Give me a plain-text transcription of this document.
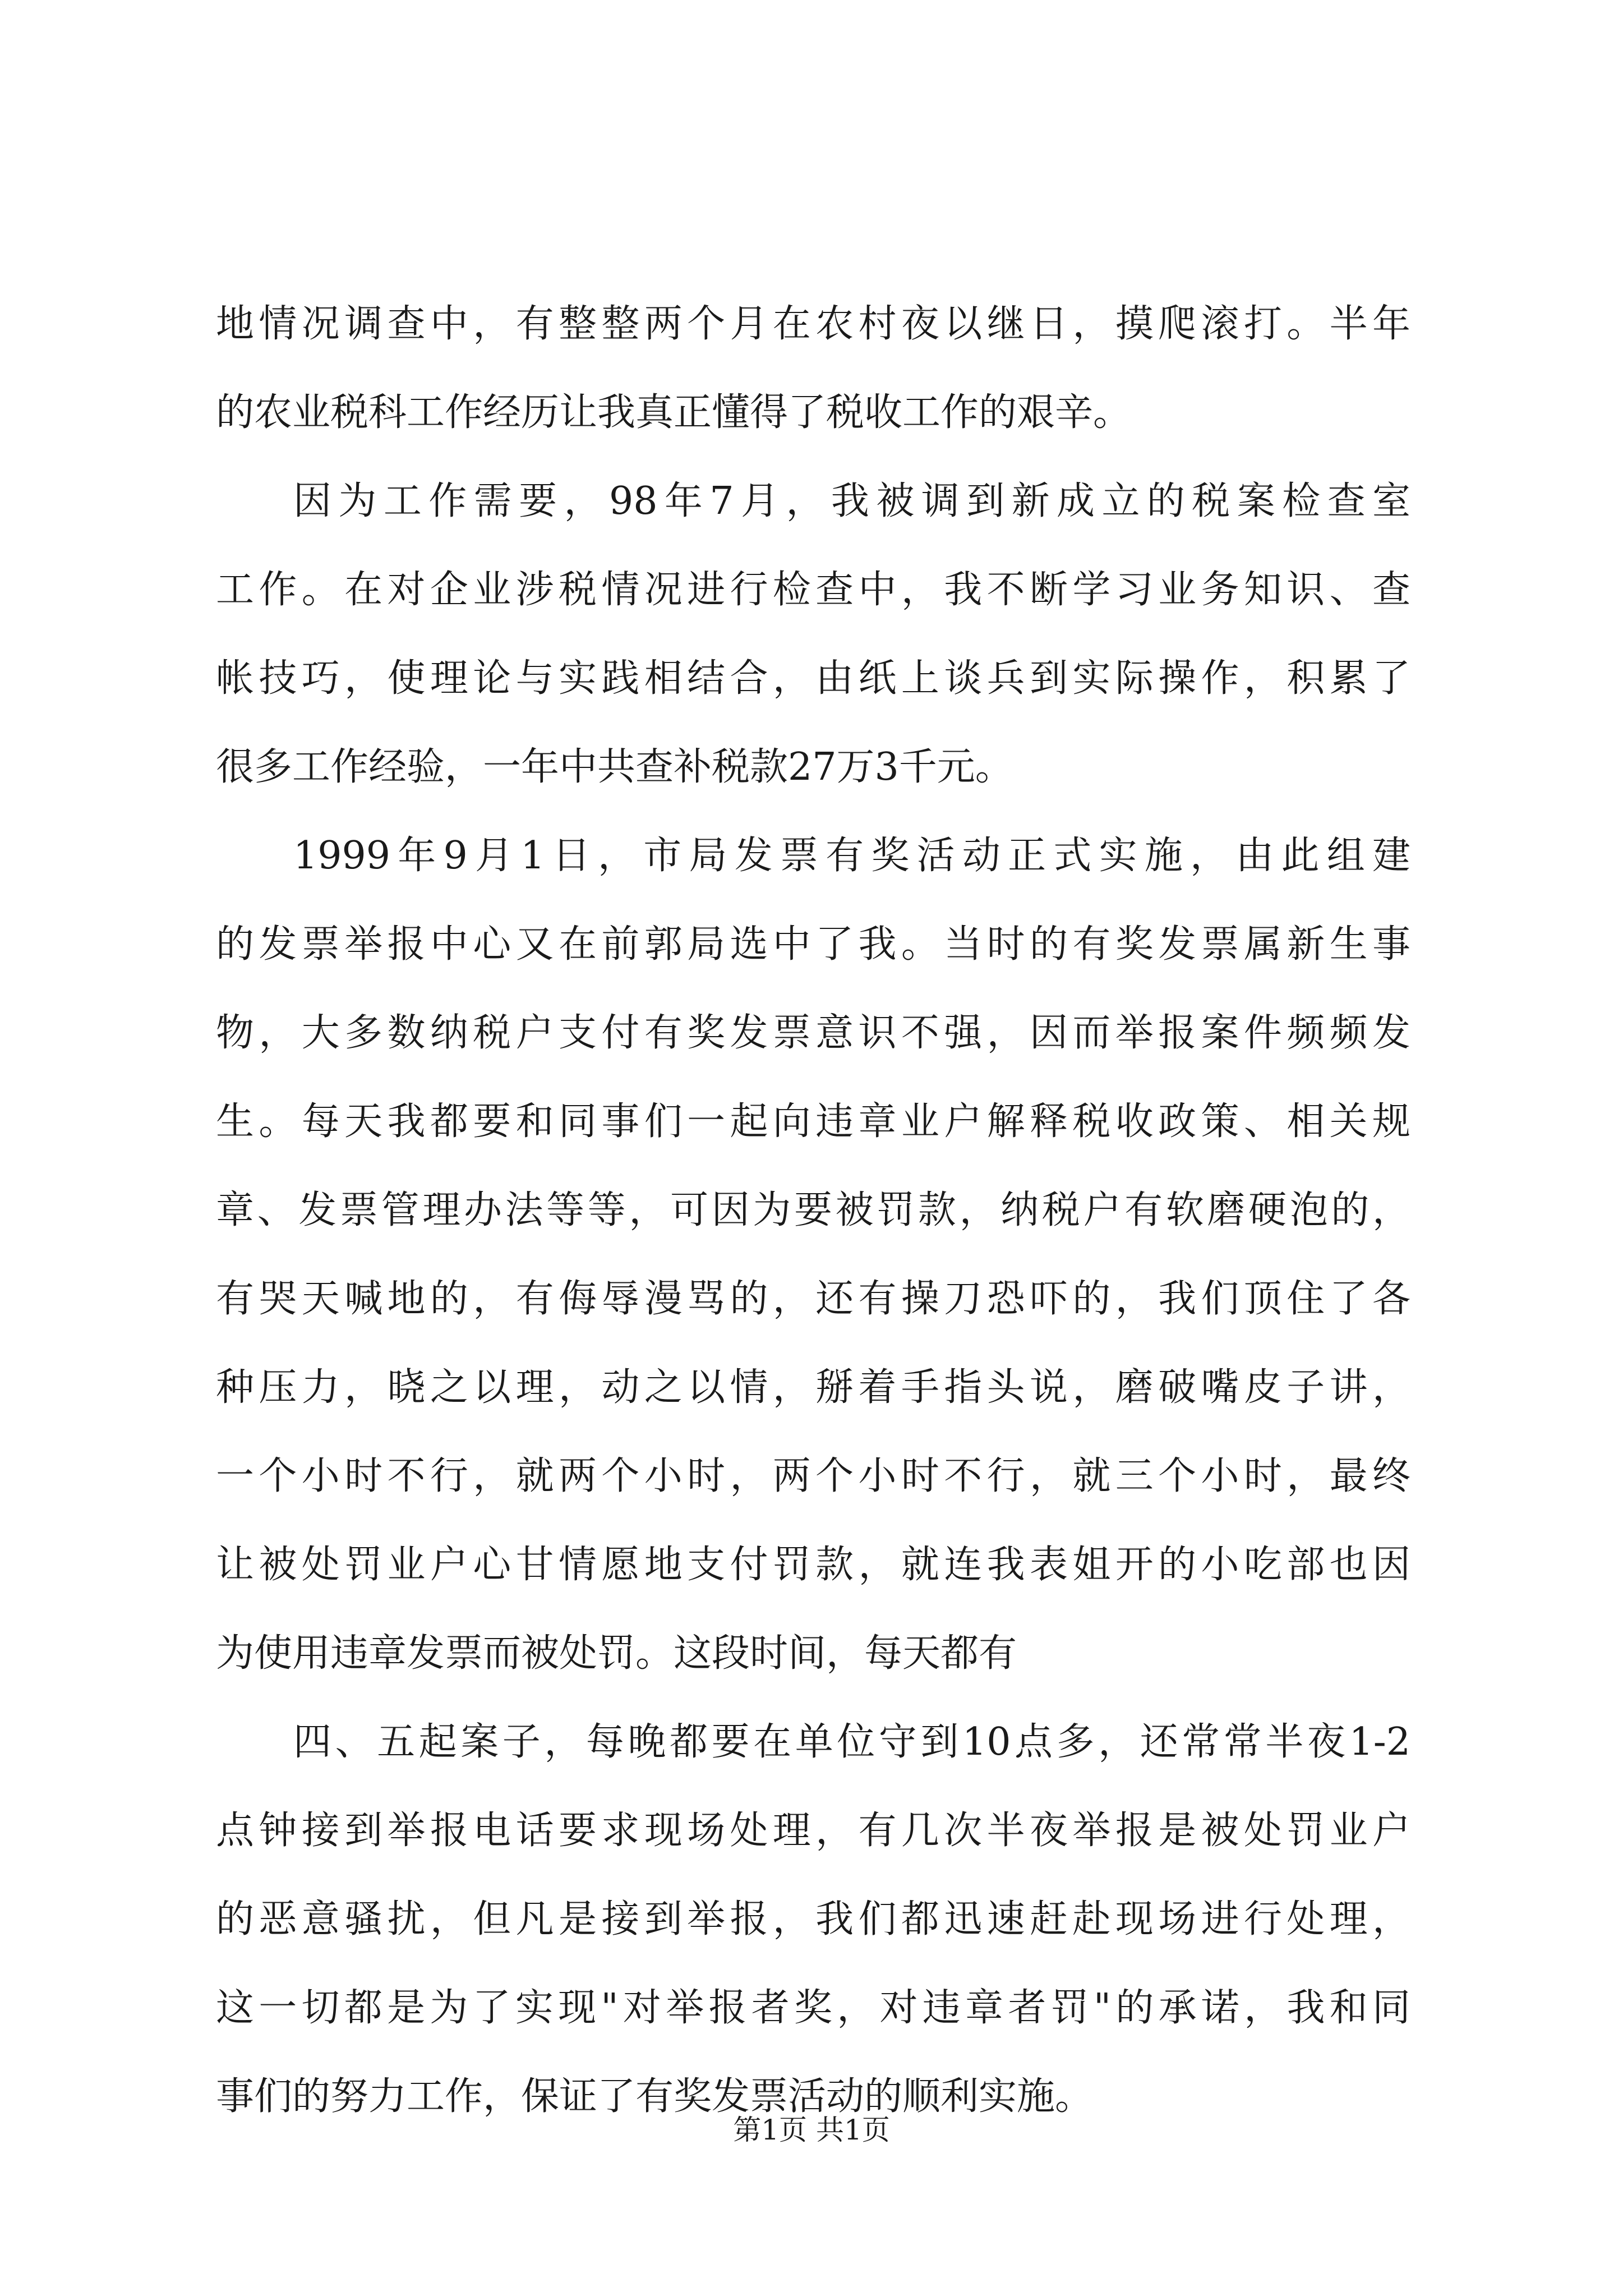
地情况调查中，有整整两个月在农村夜以继日，摸爬滚打。半年
的农业税科工作经历让我真正懂得了税收工作的艰辛。
因为工作需要，98年7月，我被调到新成立的税案检查室
工作。在对企业涉税情况进行检查中，我不断学习业务知识、查
帐技巧，使理论与实践相结合，由纸上谈兵到实际操作，积累了
很多工作经验，一年中共查补税款27万3千元。
1999年9月1日，市局发票有奖活动正式实施，由此组建
的发票举报中心又在前郭局选中了我。当时的有奖发票属新生事
物，大多数纳税户支付有奖发票意识不强，因而举报案件频频发
生。每天我都要和同事们一起向违章业户解释税收政策、相关规
章、发票管理办法等等，可因为要被罚款，纳税户有软磨硬泡的，
有哭天喊地的，有侮辱漫骂的，还有操刀恐吓的，我们顶住了各
种压力，晓之以理，动之以情，掰着手指头说，磨破嘴皮子讲，
一个小时不行，就两个小时，两个小时不行，就三个小时，最终
让被处罚业户心甘情愿地支付罚款，就连我表姐开的小吃部也因
为使用违章发票而被处罚。这段时间，每天都有
四、五起案子，每晚都要在单位守到10点多，还常常半夜1-2
点钟接到举报电话要求现场处理，有几次半夜举报是被处罚业户
的恶意骚扰，但凡是接到举报，我们都迅速赶赴现场进行处理，
这一切都是为了实现"对举报者奖，对违章者罚"的承诺，我和同
事们的努力工作，保证了有奖发票活动的顺利实施。
第1页 共1页
